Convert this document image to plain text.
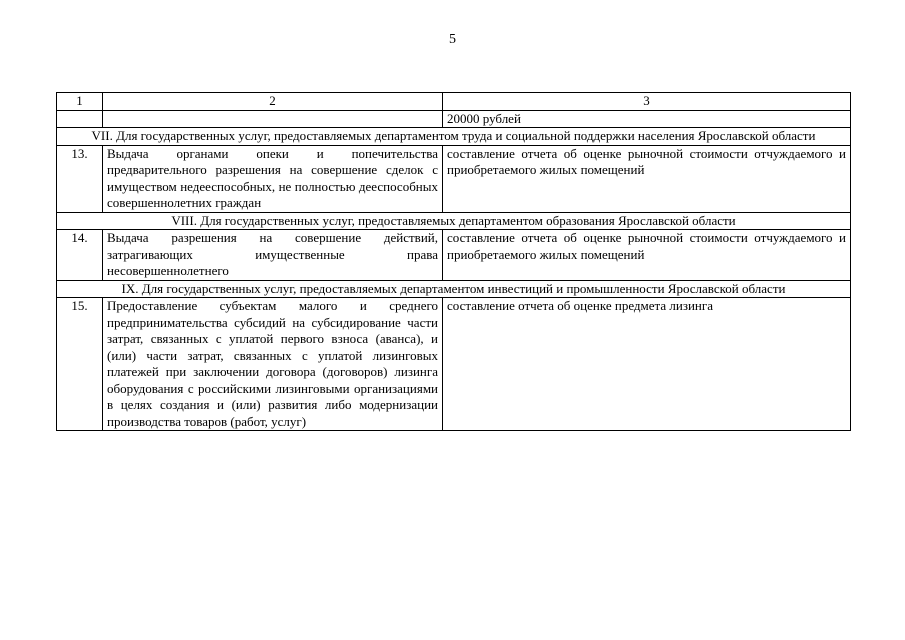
5
1	2	3
		20000 рублей
VII. Для государственных услуг, предоставляемых департаментом труда и социальной поддержки населения Ярославской области		
13.	Выдача органами опеки и попечительства предварительного разрешения на совершение сделок с имуществом недееспособных, не полностью дееспособных совершеннолетних граждан	составление отчета об оценке рыночной стоимости отчуждаемого и приобретаемого жилых помещений
VIII. Для государственных услуг, предоставляемых департаментом образования Ярославской области		
14.	Выдача разрешения на совершение действий, затрагивающих имущественные права несовершеннолетнего	составление отчета об оценке рыночной стоимости отчуждаемого и приобретаемого жилых помещений
IX. Для государственных услуг, предоставляемых департаментом инвестиций и промышленности Ярославской области		
15.	Предоставление субъектам малого и среднего предпринимательства субсидий на субсидирование части затрат, связанных с уплатой первого взноса (аванса), и (или) части затрат, связанных с уплатой лизинговых платежей при заключении договора (договоров) лизинга оборудования с российскими лизинговыми организациями в целях создания и (или) развития либо модернизации производства товаров (работ, услуг)	составление отчета об оценке предмета лизинга
